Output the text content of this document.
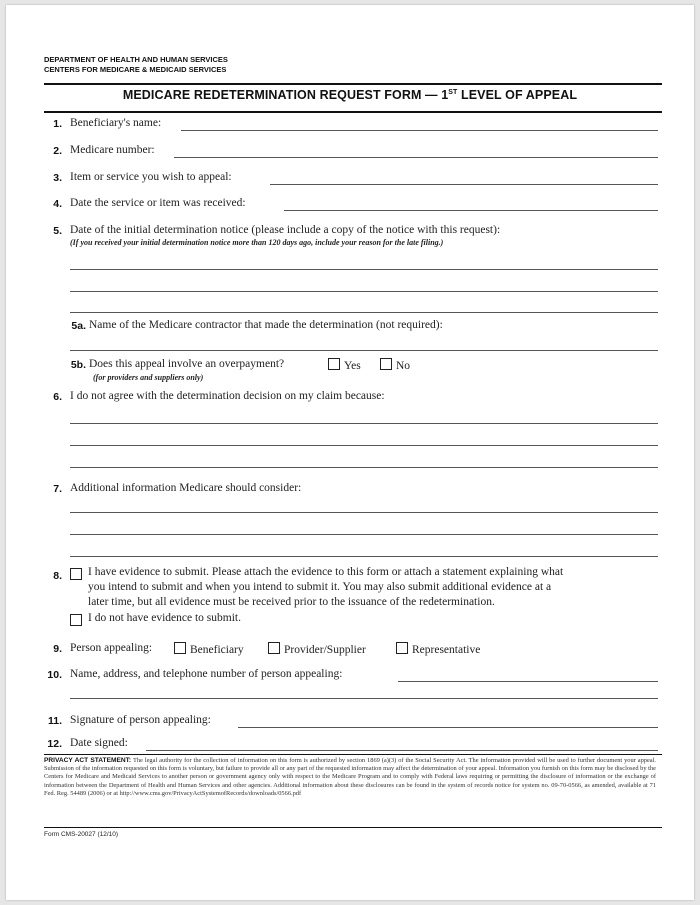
DEPARTMENT OF HEALTH AND HUMAN SERVICES
CENTERS FOR MEDICARE & MEDICAID SERVICES
MEDICARE REDETERMINATION REQUEST FORM — 1ST LEVEL OF APPEAL
1. Beneficiary's name:
2. Medicare number:
3. Item or service you wish to appeal:
4. Date the service or item was received:
5. Date of the initial determination notice (please include a copy of the notice with this request):
(If you received your initial determination notice more than 120 days ago, include your reason for the late filing.)
5a. Name of the Medicare contractor that made the determination (not required):
5b. Does this appeal involve an overpayment?	Yes	No
(for providers and suppliers only)
6. I do not agree with the determination decision on my claim because:
7. Additional information Medicare should consider:
8. I have evidence to submit. Please attach the evidence to this form or attach a statement explaining what
you intend to submit and when you intend to submit it. You may also submit additional evidence at a
later time, but all evidence must be received prior to the issuance of the redetermination.
I do not have evidence to submit.
9. Person appealing:	Beneficiary	Provider/Supplier	Representative
10. Name, address, and telephone number of person appealing:
11. Signature of person appealing:
12. Date signed:
PRIVACY ACT STATEMENT: The legal authority for the collection of information on this form is authorized by section 1869 (a)(3) of the Social Security Act. The information provided will be used to further document your appeal. Submission of the information requested on this form is voluntary, but failure to provide all or any part of the requested information may affect the determination of your appeal. Information you furnish on this form may be disclosed by the Centers for Medicare and Medicaid Services to another person or government agency only with respect to the Medicare Program and to comply with Federal laws requiring or permitting the disclosure of information or the exchange of information between the Department of Health and Human Services and other agencies. Additional information about these disclosures can be found in the system of records notice for system no. 09-70-0566, as amended, available at 71 Fed. Reg. 54489 (2006) or at http://www.cms.gov/PrivacyActSystemofRecords/downloads/0566.pdf
Form CMS-20027 (12/10)
